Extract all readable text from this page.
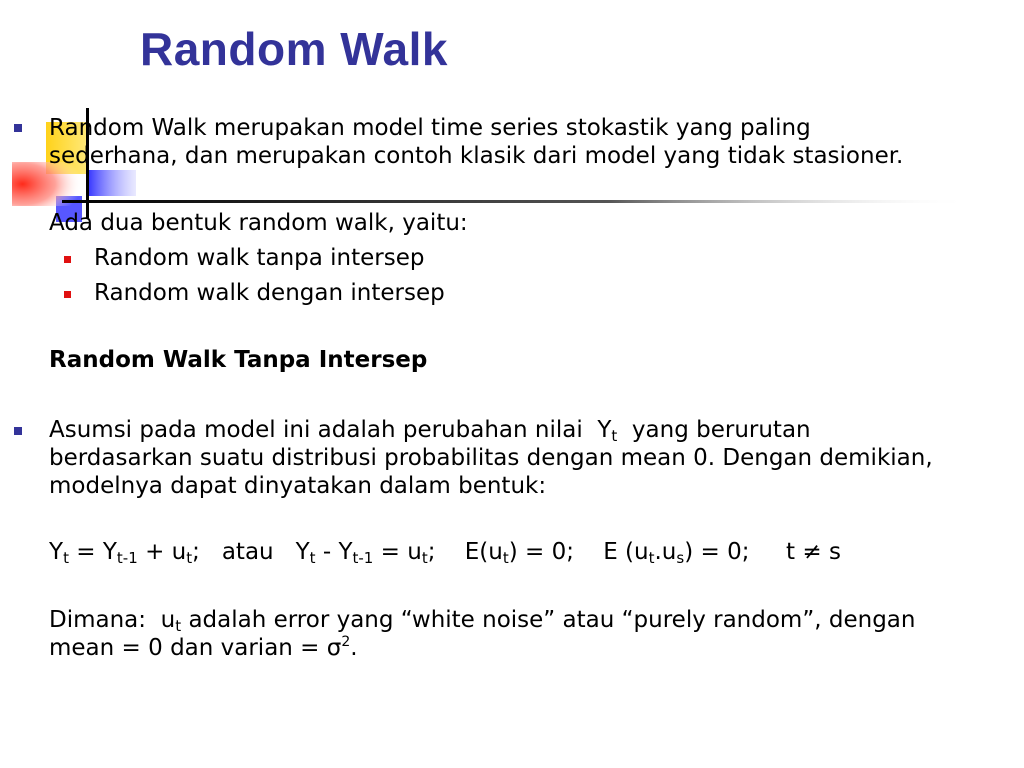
Random Walk
Random Walk merupakan model time series stokastik yang paling
sederhana, dan merupakan contoh klasik dari model yang tidak stasioner.
Ada dua bentuk random walk, yaitu:
Random walk tanpa intersep
Random walk dengan intersep
Random Walk Tanpa Intersep
Asumsi pada model ini adalah perubahan nilai $Y_t$ yang berurutan
berdasarkan suatu distribusi probabilitas dengan mean 0. Dengan demikian,
modelnya dapat dinyatakan dalam bentuk:
$Y_t = Y_{t-1} + u_t$; atau $Y_t - Y_{t-1} = u_t$; $E(u_t) = 0$; E $(u_t.u_s) = 0$; t ≠ s
Dimana: $u_t$ adalah error yang “white noise” atau “purely random”, dengan
mean = 0 dan varian = $\sigma^2$.
